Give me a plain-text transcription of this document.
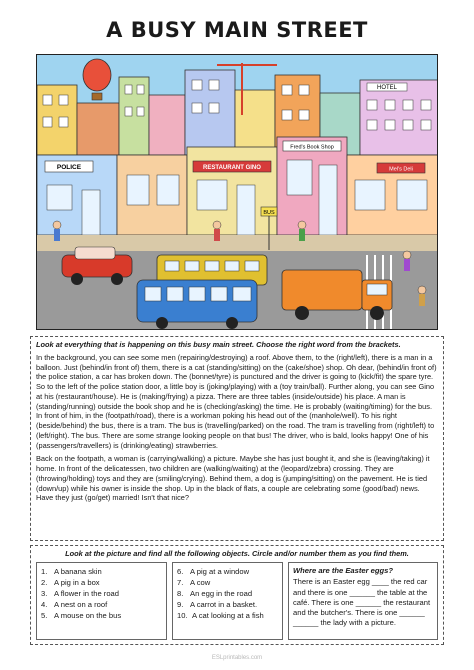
A BUSY MAIN STREET
HOTEL
POLICE	RESTAURANT GINO
Fred's Book Shop
Mel's Deli
BUS

Look at everything that is happening on this busy main street. Choose the right word from the brackets.

In the background, you can see some men (repairing/destroying) a roof. Above them, to the (right/left), there is a man in a balloon. Just (behind/in front of) them, there is a cat (standing/sitting) on the (cake/shoe) shop. Oh dear, (behind/in front of) the police station, a car has broken down. The (bonnet/tyre) is punctured and the driver is going to (kick/fit) the spare tyre. So to the left of the police station door, a little boy is (joking/playing) with a (toy train/ball). Further along, you can see Gino at his (restaurant/house). He is (making/frying) a pizza. There are three tables (inside/outside) his place. A man is (standing/running) outside the book shop and he is (checking/asking) the time. He is probably (waiting/timing) for the bus. In front of him, in the (footpath/road), there is a workman poking his head out of the (manhole/well). To his right (beside/behind) the bus, there is a tram. The bus is (travelling/parked) on the road. The tram is travelling from (right/left) to (left/right). The bus. There are some strange looking people on that bus! The driver, who is bald, looks happy! One of his (passengers/travellers) is (drinking/eating) strawberries.

Back on the footpath, a woman is (carrying/walking) a picture. Maybe she has just bought it, and she is (leaving/taking) it home. In front of the delicatessen, two children are (walking/waiting) at the (leopard/zebra) crossing. They are (throwing/holding) toys and they are (smiling/crying). Behind them, a dog is (jumping/sitting) on the pavement. He is tied (down/up) while his owner is inside the shop. Up in the black of flats, a couple are celebrating some (good/bad) news. Have they just (go/get) married! Isn't that nice?

Look at the picture and find all the following objects. Circle and/or number them as you find them.

1. A banana skin
2. A pig in a box
3. A flower in the road
4. A nest on a roof
5. A mouse on the bus
6. A pig at a window
7. A cow
8. An egg in the road
9. A carrot in a basket.
10. A cat looking at a fish

Where are the Easter eggs?

There is an Easter egg ____ the red car and there is one ______ the table at the café. There is one ______ the restaurant and the butcher's. There is one ______ ______ the lady with a picture.

ESLprintables.com
